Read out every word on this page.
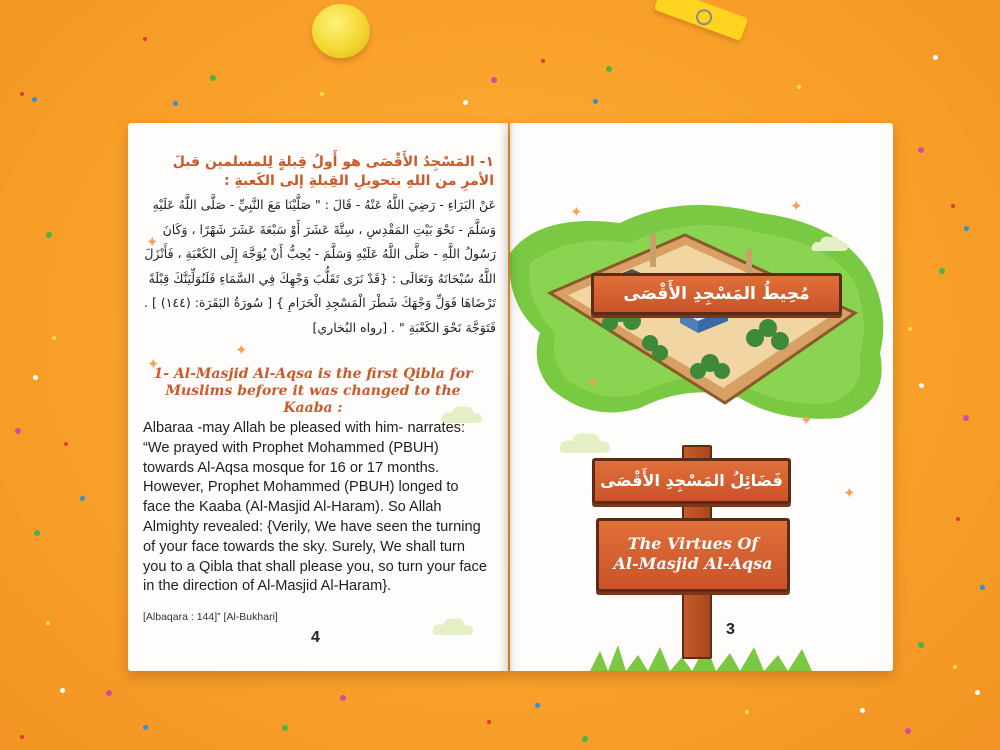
١- المَسْجِدُ الأَقْصَى هو أَولُ قِبلةٍ لِلمسلمين قبلَ الأمرِ من اللهِ بتحويلِ القِبلةِ إلى الكَعبةِ :

عَنْ البَرَاءِ - رَضِيَ اللَّهُ عَنْهُ - قَالَ : " صَلَّيْنَا مَعَ النَّبِيِّ - صَلَّى اللَّهُ عَلَيْهِ وَسَلَّمَ - نَحْوَ بَيْتِ المَقْدِسِ ، سِتَّةَ عَشَرَ أَوْ سَبْعَةَ عَشَرَ شَهْرًا ، وَكَانَ رَسُولُ اللَّهِ - صَلَّى اللَّهُ عَلَيْهِ وَسَلَّمَ - يُحِبُّ أَنْ يُوَجَّهَ إِلَى الكَعْبَةِ ، فَأَنْزَلَ اللَّهُ سُبْحَانَهُ وَتَعَالَى : {قَدْ نَرَى تَقَلُّبَ وَجْهِكَ فِي السَّمَاءِ فَلَنُوَلِّيَنَّكَ قِبْلَةً تَرْضَاهَا فَوَلِّ وَجْهَكَ شَطْرَ الْمَسْجِدِ الْحَرَامِ } [ سُورَةُ البَقَرَة: (١٤٤) ] . فَتَوَجَّهَ نَحْوَ الكَعْبَةِ " . [رواه البُخاري]

✦
✦
✦
1- Al-Masjid Al-Aqsa is the first Qibla for Muslims before it was changed to the Kaaba :
Albaraa -may Allah be pleased with him- narrates: “We prayed with Prophet Mohammed (PBUH) towards Al-Aqsa mosque for 16 or 17 months. However, Prophet Mohammed (PBUH) longed to face the Kaaba (Al-Masjid Al-Haram). So Allah Almighty revealed: {Verily, We have seen the turning of your face towards the sky. Surely, We shall turn you to a Qibla that shall please you, so turn your face in the direction of Al-Masjid Al-Haram}.
[Albaqara : 144]” [Al-Bukhari]
4
✦	✦
✦
✦
✦
3
مُحِيطُ المَسْجِدِ الأَقْصَى
فَضَائِلُ المَسْجِدِ الأَقْصَى
The Virtues Of
Al-Masjid Al-Aqsa
